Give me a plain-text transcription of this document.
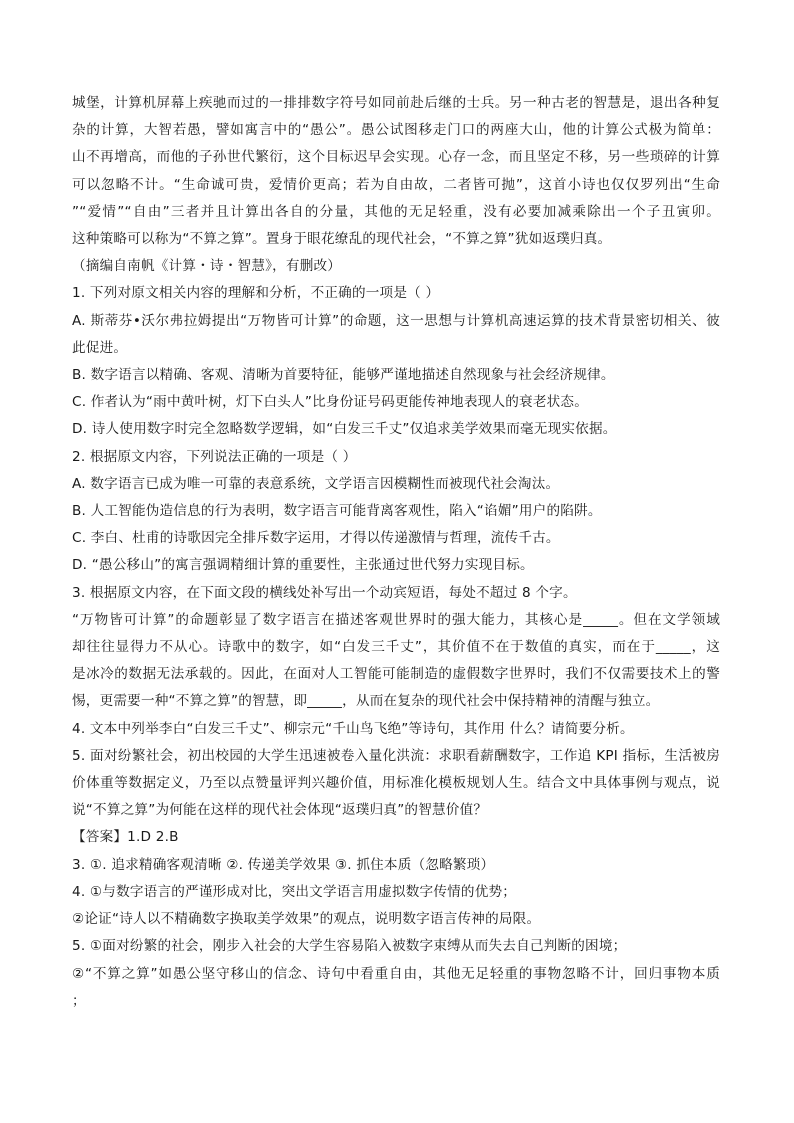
城堡，计算机屏幕上疾驰而过的一排排数字符号如同前赴后继的士兵。另一种古老的智慧是，退出各种复
杂的计算，大智若愚，譬如寓言中的“愚公”。愚公试图移走门口的两座大山，他的计算公式极为简单：
山不再增高，而他的子孙世代繁衍，这个目标迟早会实现。心存一念，而且坚定不移，另一些琐碎的计算
可以忽略不计。“生命诚可贵，爱情价更高；若为自由故，二者皆可抛”，这首小诗也仅仅罗列出“生命
”“爱情”“自由”三者并且计算出各自的分量，其他的无足轻重，没有必要加减乘除出一个子丑寅卯。
这种策略可以称为“不算之算”。置身于眼花缭乱的现代社会，“不算之算”犹如返璞归真。
（摘编自南帆《计算・诗・智慧》，有删改）
1. 下列对原文相关内容的理解和分析，不正确的一项是（ ）
A. 斯蒂芬•沃尔弗拉姆提出“万物皆可计算”的命题，这一思想与计算机高速运算的技术背景密切相关、彼
此促进。
B. 数字语言以精确、客观、清晰为首要特征，能够严谨地描述自然现象与社会经济规律。
C. 作者认为“雨中黄叶树，灯下白头人”比身份证号码更能传神地表现人的衰老状态。
D. 诗人使用数字时完全忽略数学逻辑，如“白发三千丈”仅追求美学效果而毫无现实依据。
2. 根据原文内容，下列说法正确的一项是（ ）
A. 数字语言已成为唯一可靠的表意系统，文学语言因模糊性而被现代社会淘汰。
B. 人工智能伪造信息的行为表明，数字语言可能背离客观性，陷入“谄媚”用户的陷阱。
C. 李白、杜甫的诗歌因完全排斥数字运用，才得以传递激情与哲理，流传千古。
D. “愚公移山”的寓言强调精细计算的重要性，主张通过世代努力实现目标。
3. 根据原文内容，在下面文段的横线处补写出一个动宾短语，每处不超过 8 个字。
“万物皆可计算”的命题彰显了数字语言在描述客观世界时的强大能力，其核心是_____。但在文学领域
却往往显得力不从心。诗歌中的数字，如“白发三千丈”，其价值不在于数值的真实，而在于_____，这
是冰冷的数据无法承载的。因此，在面对人工智能可能制造的虚假数字世界时，我们不仅需要技术上的警
惕，更需要一种“不算之算”的智慧，即_____，从而在复杂的现代社会中保持精神的清醒与独立。
4. 文本中列举李白“白发三千丈”、柳宗元“千山鸟飞绝”等诗句，其作用 什么？请简要分析。
5. 面对纷繁社会，初出校园的大学生迅速被卷入量化洪流：求职看薪酬数字，工作追 KPI 指标，生活被房
价体重等数据定义，乃至以点赞量评判兴趣价值，用标准化模板规划人生。结合文中具体事例与观点，说
说“不算之算”为何能在这样的现代社会体现“返璞归真”的智慧价值？
【答案】1.D 2.B
3. ①. 追求精确客观清晰 ②. 传递美学效果 ③. 抓住本质（忽略繁琐）
4. ①与数字语言的严谨形成对比，突出文学语言用虚拟数字传情的优势；
②论证“诗人以不精确数字换取美学效果”的观点，说明数字语言传神的局限。
5. ①面对纷繁的社会，刚步入社会的大学生容易陷入被数字束缚从而失去自己判断的困境；
②“不算之算”如愚公坚守移山的信念、诗句中看重自由，其他无足轻重的事物忽略不计，回归事物本质
；
